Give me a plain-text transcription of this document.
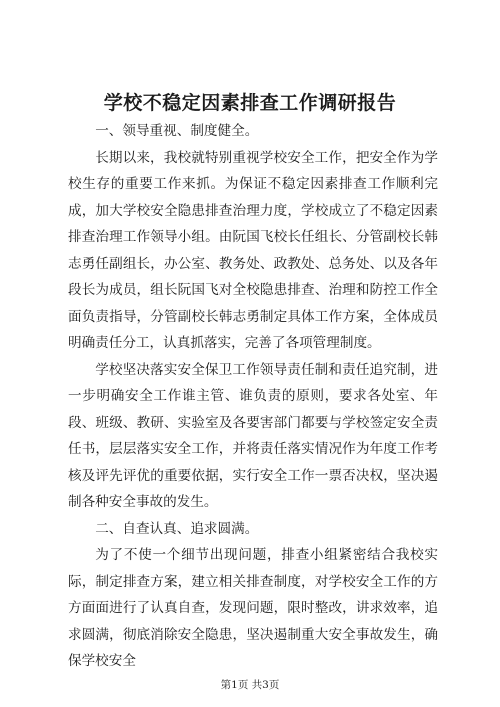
学校不稳定因素排查工作调研报告

一、领导重视、制度健全。

长期以来，我校就特别重视学校安全工作，把安全作为学校生存的重要工作来抓。为保证不稳定因素排查工作顺利完成，加大学校安全隐患排查治理力度，学校成立了不稳定因素排查治理工作领导小组。由阮国飞校长任组长、分管副校长韩志勇任副组长，办公室、教务处、政教处、总务处、以及各年段长为成员，组长阮国飞对全校隐患排查、治理和防控工作全面负责指导，分管副校长韩志勇制定具体工作方案，全体成员明确责任分工，认真抓落实，完善了各项管理制度。

学校坚决落实安全保卫工作领导责任制和责任追究制，进一步明确安全工作谁主管、谁负责的原则，要求各处室、年段、班级、教研、实验室及各要害部门都要与学校签定安全责任书，层层落实安全工作，并将责任落实情况作为年度工作考核及评先评优的重要依据，实行安全工作一票否决权，坚决遏制各种安全事故的发生。

二、自查认真、追求圆满。

为了不使一个细节出现问题，排查小组紧密结合我校实际，制定排查方案，建立相关排查制度，对学校安全工作的方方面面进行了认真自查，发现问题，限时整改，讲求效率，追求圆满，彻底消除安全隐患，坚决遏制重大安全事故发生，确保学校安全

第1页 共3页
